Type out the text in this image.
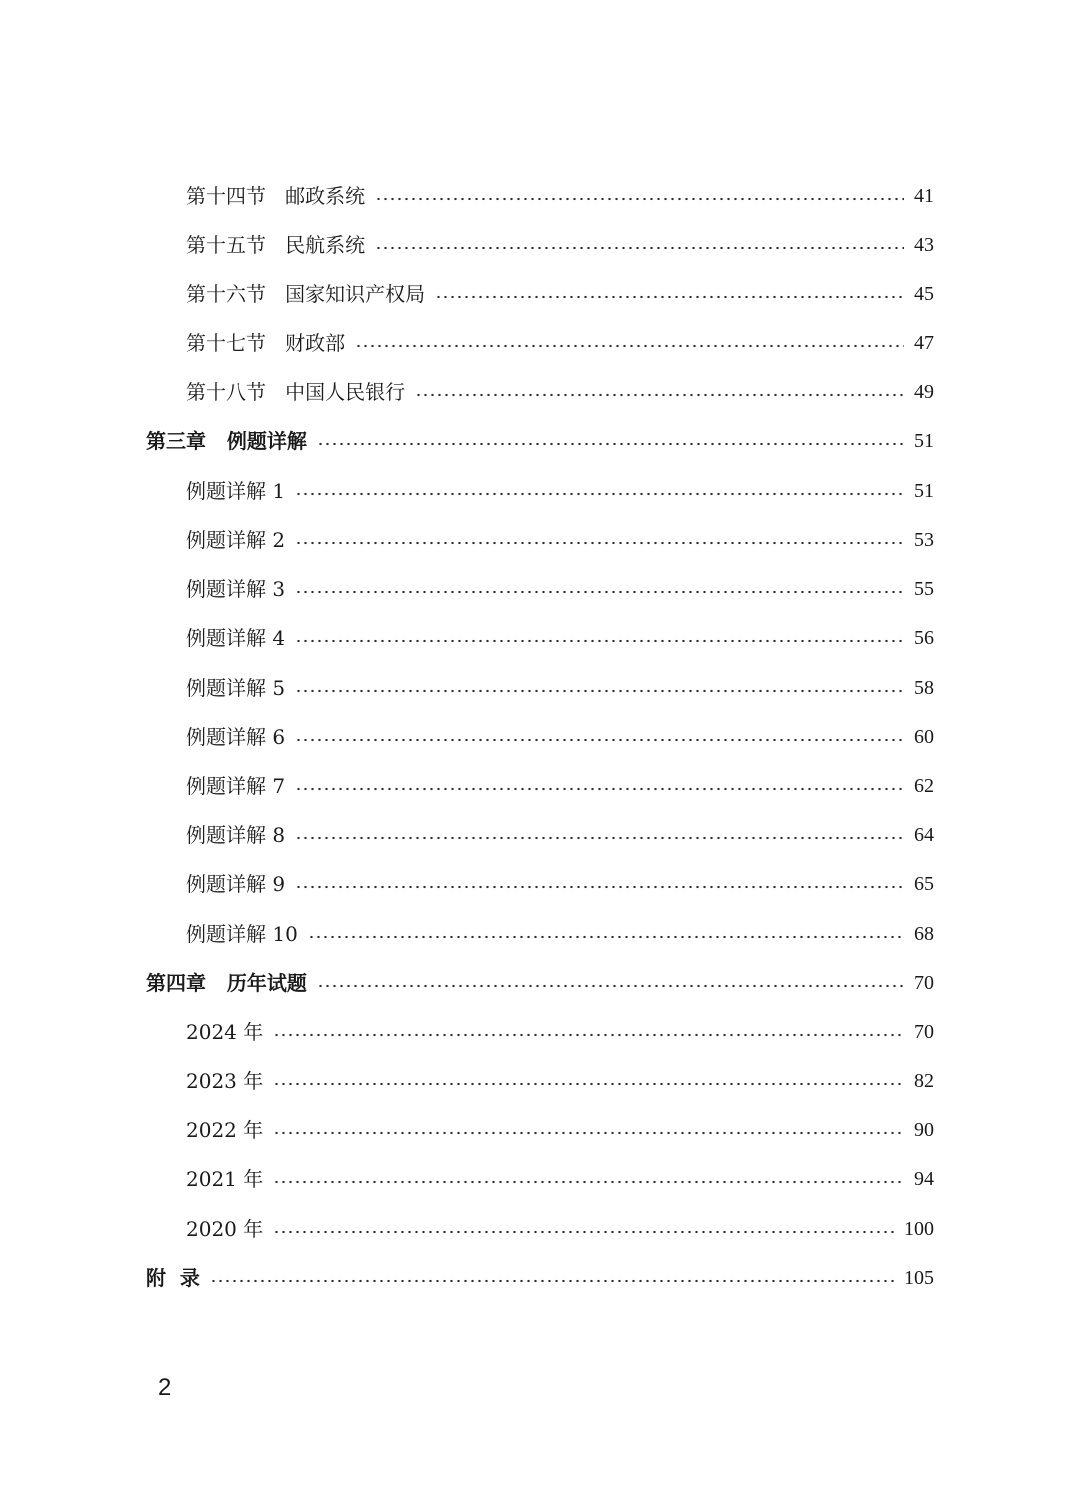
第十四节 邮政系统	41
第十五节 民航系统	43
第十六节 国家知识产权局	45
第十七节 财政部	47
第十八节 中国人民银行	49
第三章 例题详解	51
例题详解 1	51
例题详解 2	53
例题详解 3	55
例题详解 4	56
例题详解 5	58
例题详解 6	60
例题详解 7	62
例题详解 8	64
例题详解 9	65
例题详解 10	68
第四章 历年试题	70
2024 年	70
2023 年	82
2022 年	90
2021 年	94
2020 年	100
附  录	105
2
